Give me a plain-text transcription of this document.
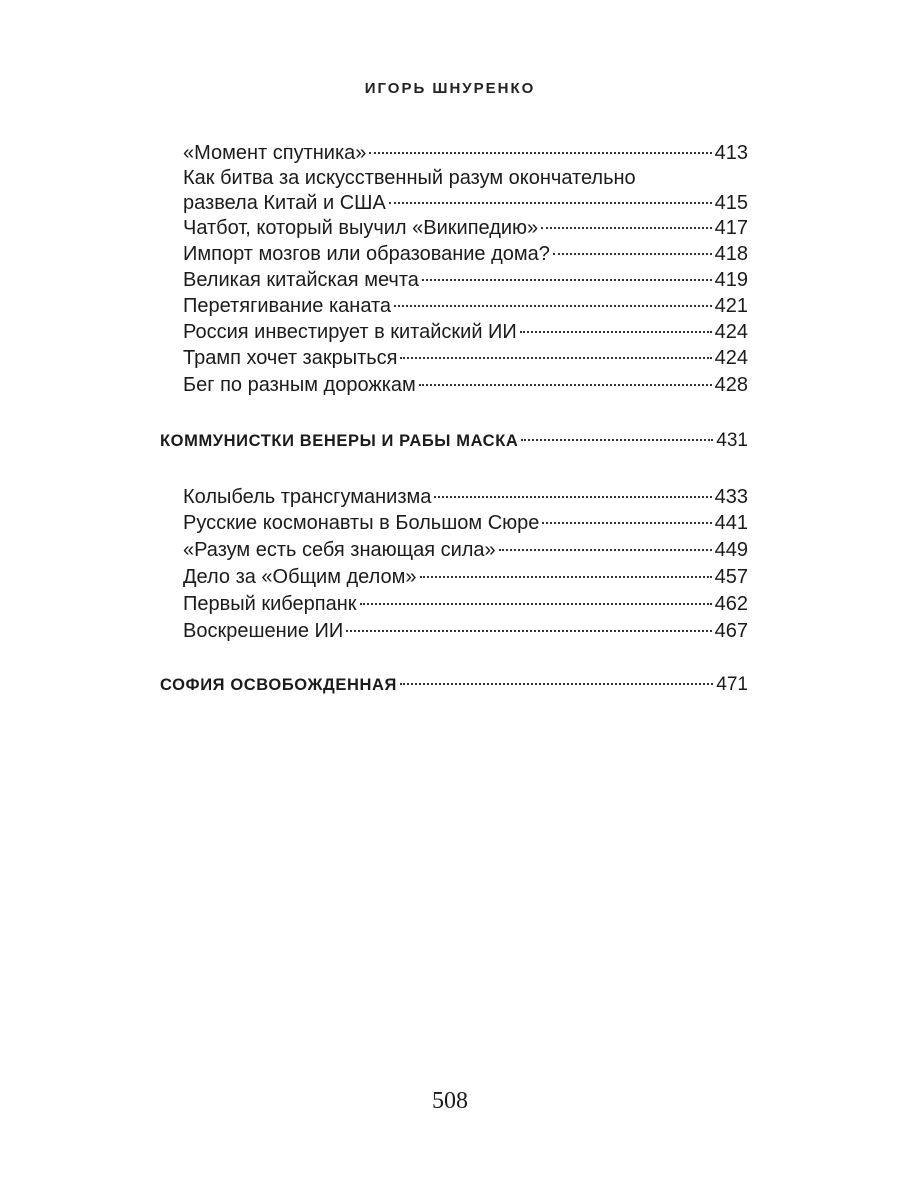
ИГОРЬ ШНУРЕНКО
«Момент спутника»	413
Как битва за искусственный разум окончательно
развела Китай и США	415
Чатбот, который выучил «Википедию»	417
Импорт мозгов или образование дома?	418
Великая китайская мечта	419
Перетягивание каната	421
Россия инвестирует в китайский ИИ	424
Трамп хочет закрыться	424
Бег по разным дорожкам	428
КОММУНИСТКИ ВЕНЕРЫ И РАБЫ МАСКА	431
Колыбель трансгуманизма	433
Русские космонавты в Большом Сюре	441
«Разум есть себя знающая сила»	449
Дело за «Общим делом»	457
Первый киберпанк	462
Воскрешение ИИ	467
СОФИЯ ОСВОБОЖДЕННАЯ	471
508
